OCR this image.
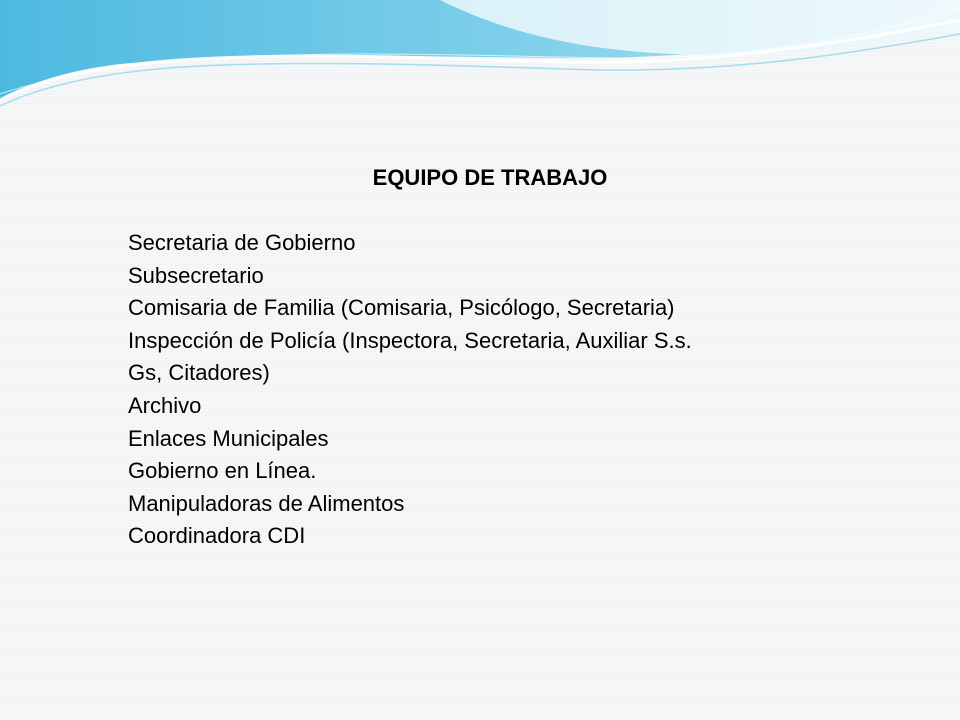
EQUIPO DE TRABAJO
Secretaria de Gobierno
Subsecretario
Comisaria de Familia (Comisaria, Psicólogo, Secretaria)
Inspección de Policía (Inspectora, Secretaria, Auxiliar S.s.
Gs, Citadores)
Archivo
Enlaces Municipales
Gobierno en Línea.
Manipuladoras de Alimentos
Coordinadora CDI
